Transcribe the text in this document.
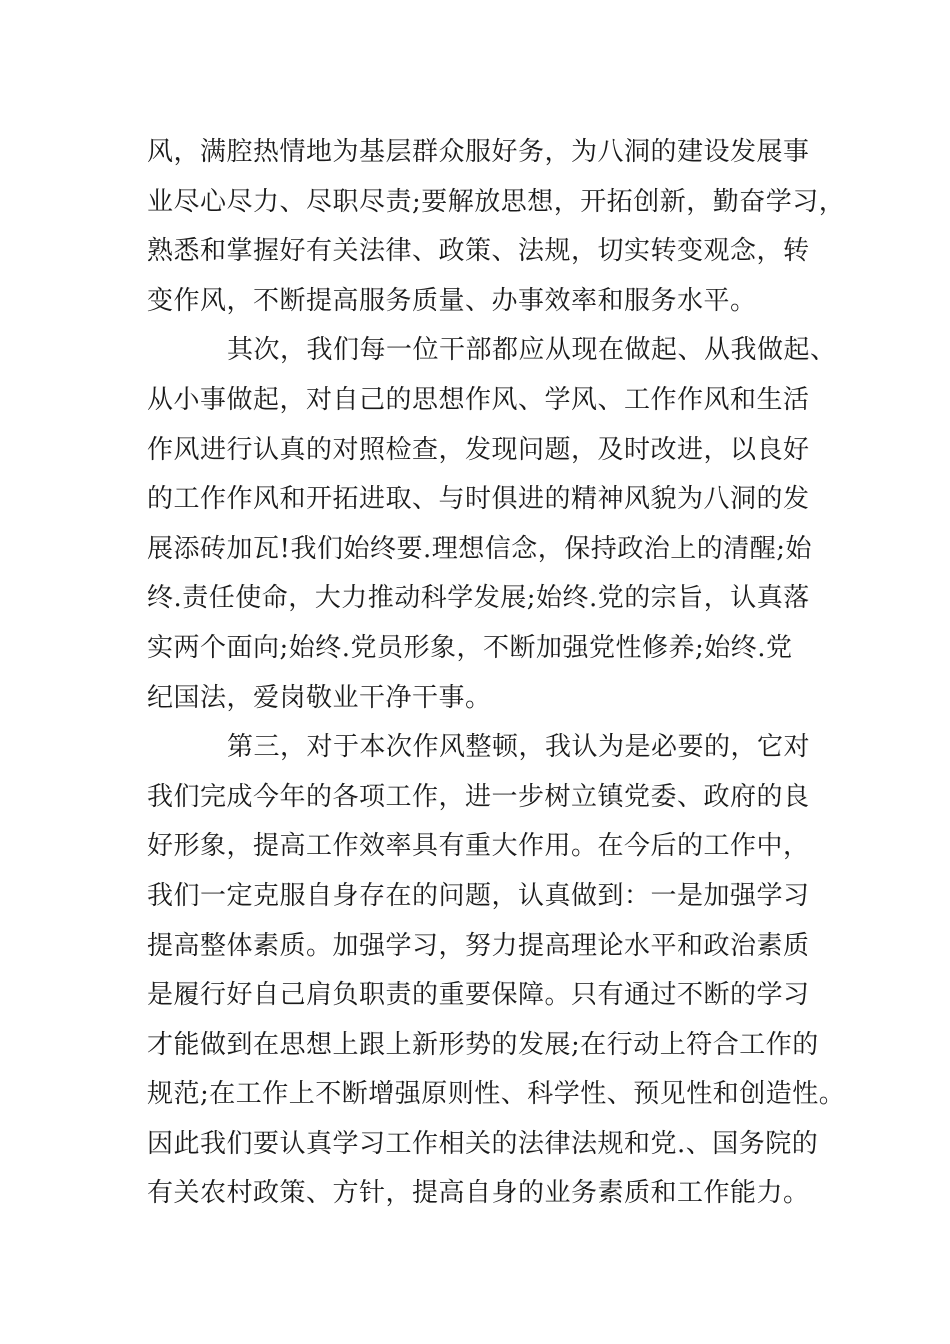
风，满腔热情地为基层群众服好务，为八洞的建设发展事
业尽心尽力、尽职尽责;要解放思想，开拓创新，勤奋学习，
熟悉和掌握好有关法律、政策、法规，切实转变观念，转
变作风，不断提高服务质量、办事效率和服务水平。
其次，我们每一位干部都应从现在做起、从我做起、
从小事做起，对自己的思想作风、学风、工作作风和生活
作风进行认真的对照检查，发现问题，及时改进，以良好
的工作作风和开拓进取、与时俱进的精神风貌为八洞的发
展添砖加瓦!我们始终要.理想信念，保持政治上的清醒;始
终.责任使命，大力推动科学发展;始终.党的宗旨，认真落
实两个面向;始终.党员形象，不断加强党性修养;始终.党
纪国法，爱岗敬业干净干事。
第三，对于本次作风整顿，我认为是必要的，它对
我们完成今年的各项工作，进一步树立镇党委、政府的良
好形象，提高工作效率具有重大作用。在今后的工作中，
我们一定克服自身存在的问题，认真做到：一是加强学习
提高整体素质。加强学习，努力提高理论水平和政治素质
是履行好自己肩负职责的重要保障。只有通过不断的学习
才能做到在思想上跟上新形势的发展;在行动上符合工作的
规范;在工作上不断增强原则性、科学性、预见性和创造性。
因此我们要认真学习工作相关的法律法规和党.、国务院的
有关农村政策、方针，提高自身的业务素质和工作能力。
